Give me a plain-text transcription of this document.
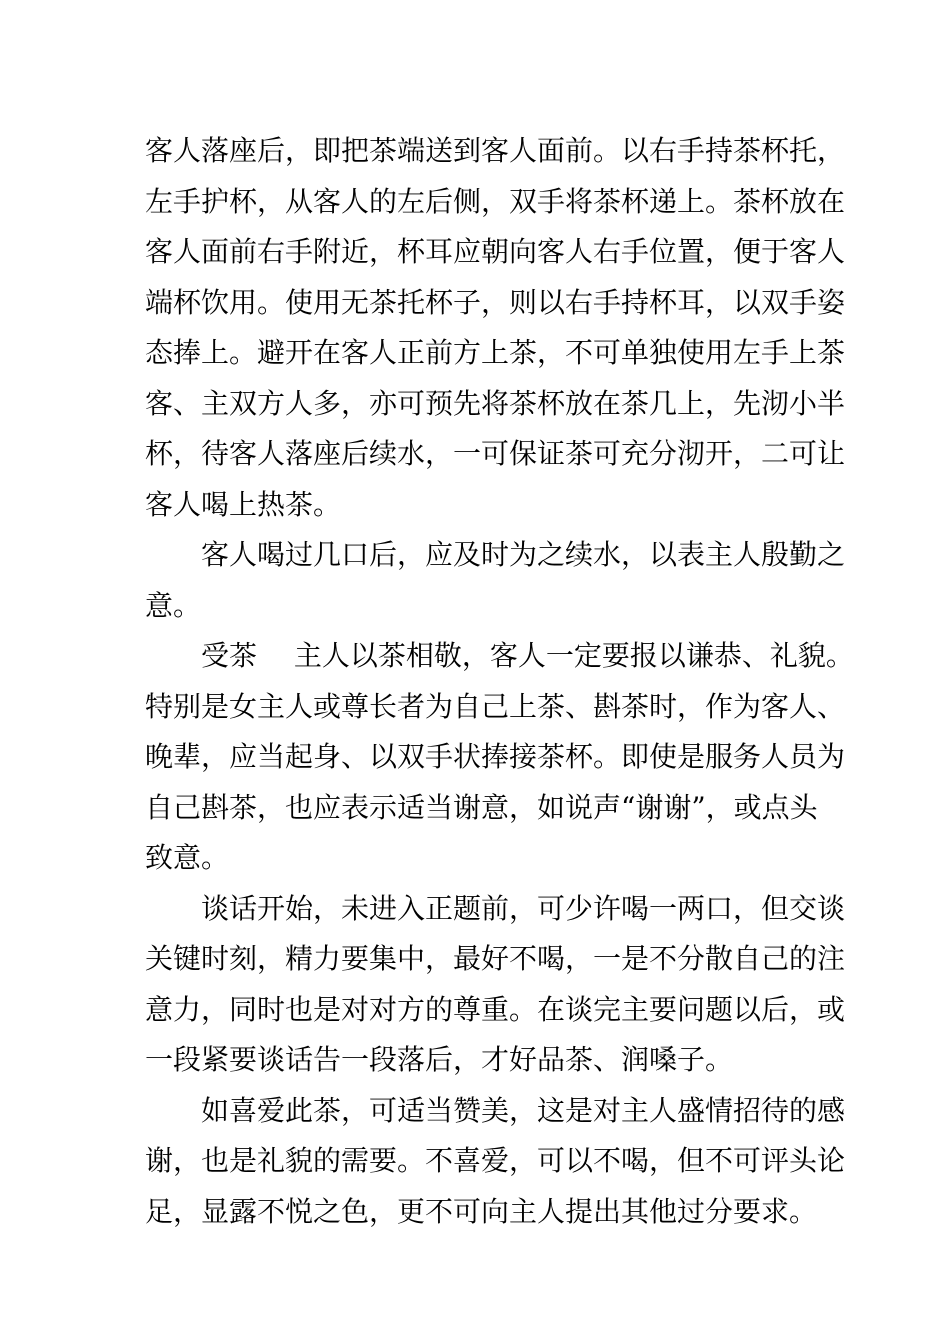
客人落座后，即把茶端送到客人面前。以右手持茶杯托，
左手护杯，从客人的左后侧，双手将茶杯递上。茶杯放在
客人面前右手附近，杯耳应朝向客人右手位置，便于客人
端杯饮用。使用无茶托杯子，则以右手持杯耳，以双手姿
态捧上。避开在客人正前方上茶，不可单独使用左手上茶
客、主双方人多，亦可预先将茶杯放在茶几上，先沏小半
杯，待客人落座后续水，一可保证茶可充分沏开，二可让
客人喝上热茶。
客人喝过几口后，应及时为之续水，以表主人殷勤之
意。
受茶　 主人以茶相敬，客人一定要报以谦恭、礼貌。
特别是女主人或尊长者为自己上茶、斟茶时，作为客人、
晚辈，应当起身、以双手状捧接茶杯。即使是服务人员为
自己斟茶，也应表示适当谢意，如说声“谢谢”，或点头
致意。
谈话开始，未进入正题前，可少许喝一两口，但交谈
关键时刻，精力要集中，最好不喝，一是不分散自己的注
意力，同时也是对对方的尊重。在谈完主要问题以后，或
一段紧要谈话告一段落后，才好品茶、润嗓子。
如喜爱此茶，可适当赞美，这是对主人盛情招待的感
谢，也是礼貌的需要。不喜爱，可以不喝，但不可评头论
足，显露不悦之色，更不可向主人提出其他过分要求。
